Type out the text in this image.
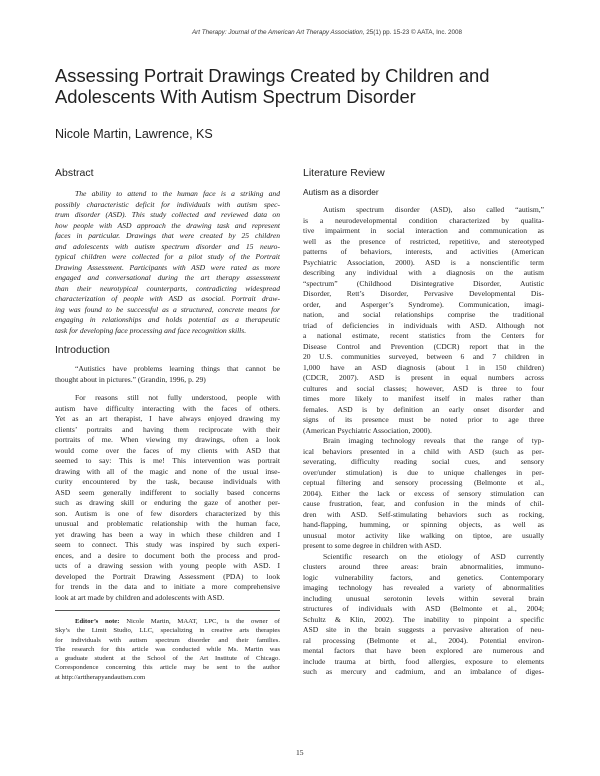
Art Therapy: Journal of the American Art Therapy Association, 25(1) pp. 15-23 © AATA, Inc. 2008
Assessing Portrait Drawings Created by Children and
Adolescents With Autism Spectrum Disorder
Nicole Martin, Lawrence, KS
Abstract
The ability to attend to the human face is a striking and
possibly characteristic deficit for individuals with autism spec-
trum disorder (ASD). This study collected and reviewed data on
how people with ASD approach the drawing task and represent
faces in particular. Drawings that were created by 25 children
and adolescents with autism spectrum disorder and 15 neuro-
typical children were collected for a pilot study of the Portrait
Drawing Assessment. Participants with ASD were rated as more
engaged and conversational during the art therapy assessment
than their neurotypical counterparts, contradicting widespread
characterization of people with ASD as asocial. Portrait draw-
ing was found to be successful as a structured, concrete means for
engaging in relationships and holds potential as a therapeutic
task for developing face processing and face recognition skills.
Introduction
“Autistics have problems learning things that cannot be
thought about in pictures.” (Grandin, 1996, p. 29)
For reasons still not fully understood, people with
autism have difficulty interacting with the faces of others.
Yet as an art therapist, I have always enjoyed drawing my
clients’ portraits and having them reciprocate with their
portraits of me. When viewing my drawings, often a look
would come over the faces of my clients with ASD that
seemed to say: This is me! This intervention was portrait
drawing with all of the magic and none of the usual inse-
curity encountered by the task, because individuals with
ASD seem generally indifferent to socially based concerns
such as drawing skill or enduring the gaze of another per-
son. Autism is one of few disorders characterized by this
unusual and problematic relationship with the human face,
yet drawing has been a way in which these children and I
seem to connect. This study was inspired by such experi-
ences, and a desire to document both the process and prod-
ucts of a drawing session with young people with ASD. I
developed the Portrait Drawing Assessment (PDA) to look
for trends in the data and to initiate a more comprehensive
look at art made by children and adolescents with ASD.
Editor’s note: Nicole Martin, MAAT, LPC, is the owner of
Sky’s the Limit Studio, LLC, specializing in creative arts therapies
for individuals with autism spectrum disorder and their families.
The research for this article was conducted while Ms. Martin was
a graduate student at the School of the Art Institute of Chicago.
Correspondence concerning this article may be sent to the author
at http://arttherapyandautism.com
Literature Review
Autism as a disorder
Autism spectrum disorder (ASD), also called “autism,”
is a neurodevelopmental condition characterized by qualita-
tive impairment in social interaction and communication as
well as the presence of restricted, repetitive, and stereotyped
patterns of behaviors, interests, and activities (American
Psychiatric Association, 2000). ASD is a nonscientific term
describing any individual with a diagnosis on the autism
“spectrum” (Childhood Disintegrative Disorder, Autistic
Disorder, Rett’s Disorder, Pervasive Developmental Dis-
order, and Asperger’s Syndrome). Communication, imagi-
nation, and social relationships comprise the traditional
triad of deficiencies in individuals with ASD. Although not
a national estimate, recent statistics from the Centers for
Disease Control and Prevention (CDCR) report that in the
20 U.S. communities surveyed, between 6 and 7 children in
1,000 have an ASD diagnosis (about 1 in 150 children)
(CDCR, 2007). ASD is present in equal numbers across
cultures and social classes; however, ASD is three to four
times more likely to manifest itself in males rather than
females. ASD is by definition an early onset disorder and
signs of its presence must be noted prior to age three
(American Psychiatric Association, 2000).
Brain imaging technology reveals that the range of typ-
ical behaviors presented in a child with ASD (such as per-
severating, difficulty reading social cues, and sensory
over/under stimulation) is due to unique challenges in per-
ceptual filtering and sensory processing (Belmonte et al.,
2004). Either the lack or excess of sensory stimulation can
cause frustration, fear, and confusion in the minds of chil-
dren with ASD. Self-stimulating behaviors such as rocking,
hand-flapping, humming, or spinning objects, as well as
unusual motor activity like walking on tiptoe, are usually
present to some degree in children with ASD.
Scientific research on the etiology of ASD currently
clusters around three areas: brain abnormalities, immuno-
logic vulnerability factors, and genetics. Contemporary
imaging technology has revealed a variety of abnormalities
including unusual serotonin levels within several brain
structures of individuals with ASD (Belmonte et al., 2004;
Schultz & Klin, 2002). The inability to pinpoint a specific
ASD site in the brain suggests a pervasive alteration of neu-
ral processing (Belmonte et al., 2004). Potential environ-
mental factors that have been explored are numerous and
include trauma at birth, food allergies, exposure to elements
such as mercury and cadmium, and an imbalance of diges-
15
